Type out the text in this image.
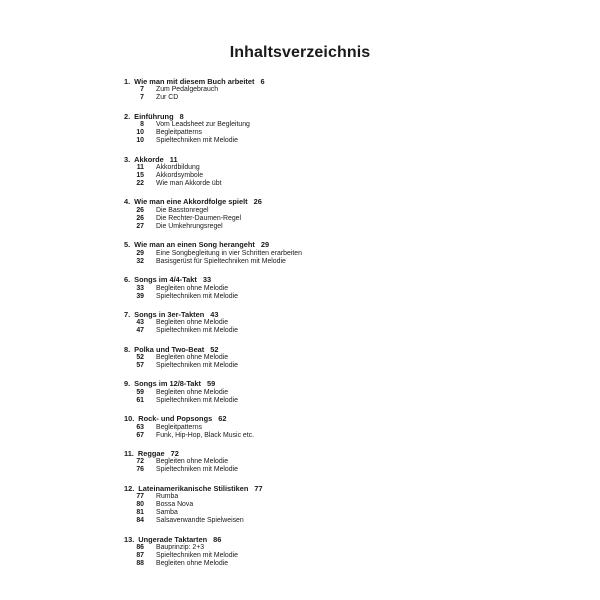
Inhaltsverzeichnis
1. Wie man mit diesem Buch arbeitet 6
7 Zum Pedalgebrauch
7 Zur CD
2. Einführung 8
8 Vom Leadsheet zur Begleitung
10 Begleitpatterns
10 Spieltechniken mit Melodie
3. Akkorde 11
11 Akkordbildung
15 Akkordsymbole
22 Wie man Akkorde übt
4. Wie man eine Akkordfolge spielt 26
26 Die Basstonregel
26 Die Rechter-Daumen-Regel
27 Die Umkehrungsregel
5. Wie man an einen Song herangeht 29
29 Eine Songbegleitung in vier Schritten erarbeiten
32 Basisgerüst für Spieltechniken mit Melodie
6. Songs im 4/4-Takt 33
33 Begleiten ohne Melodie
39 Spieltechniken mit Melodie
7. Songs in 3er-Takten 43
43 Begleiten ohne Melodie
47 Spieltechniken mit Melodie
8. Polka und Two-Beat 52
52 Begleiten ohne Melodie
57 Spieltechniken mit Melodie
9. Songs im 12/8-Takt 59
59 Begleiten ohne Melodie
61 Spieltechniken mit Melodie
10. Rock- und Popsongs 62
63 Begleitpatterns
67 Funk, Hip-Hop, Black Music etc.
11. Reggae 72
72 Begleiten ohne Melodie
76 Spieltechniken mit Melodie
12. Lateinamerikanische Stilistiken 77
77 Rumba
80 Bossa Nova
81 Samba
84 Salsaverwandte Spielweisen
13. Ungerade Taktarten 86
86 Bauprinzip: 2+3
87 Spieltechniken mit Melodie
88 Begleiten ohne Melodie
